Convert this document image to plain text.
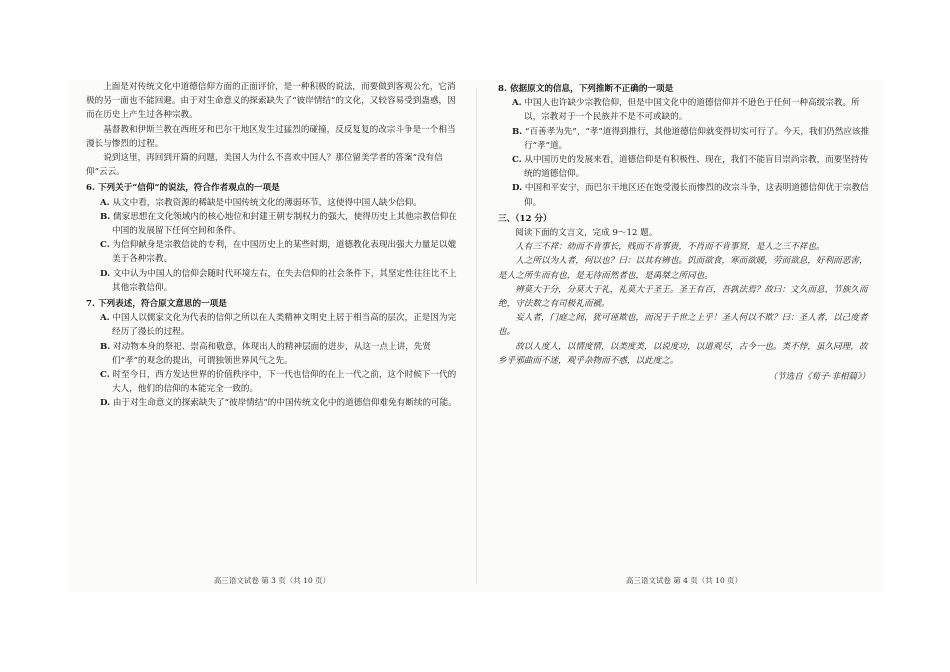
上面是对传统文化中道德信仰方面的正面评价，是一种积极的说法，而要做到客观公允，它消极的另一面也不能回避。由于对生命意义的探索缺失了“彼岸情结”的文化，又较容易受到蛊惑，因而在历史上产生过各种宗教。

基督教和伊斯兰教在西班牙和巴尔干地区发生过猛烈的碰撞，反反复复的改宗斗争是一个相当漫长与惨烈的过程。

说到这里，再回到开篇的问题，美国人为什么不喜欢中国人？那位留美学者的答案“没有信仰”云云。

6. 下列关于“信仰”的说法，符合作者观点的一项是

A. 从文中看，宗教资源的稀缺是中国传统文化的薄弱环节，这使得中国人缺少信仰。

B. 儒家思想在文化领域内的核心地位和封建王朝专制权力的强大，使得历史上其他宗教信仰在中国的发展留下任何空间和条件。

C. 为信仰献身是宗教信徒的专利，在中国历史上的某些时期，道德教化表现出强大力量足以媲美于各种宗教。

D. 文中认为中国人的信仰会随时代环境左右，在失去信仰的社会条件下，其坚定性往往比不上其他宗教信仰。

7. 下列表述，符合原文意思的一项是

A. 中国人以儒家文化为代表的信仰之所以在人类精神文明史上居于相当高的层次，正是因为完经历了漫长的过程。

B. 对动物本身的祭祀、崇高和敬意，体现出人的精神层面的进步，从这一点上讲，先贤们“孝”的观念的提出，可谓独领世界风气之先。

C. 时至今日，西方发达世界的价值秩序中，下一代也信仰的在上一代之前，这个时候下一代的大人，他们的信仰的本能完全一致的。

D. 由于对生命意义的探索缺失了“彼岸情结”的中国传统文化中的道德信仰难免有断续的可能。

高三语文试卷 第 3 页（共 10 页）

8. 依据原文的信息，下列推断不正确的一项是

A. 中国人也许缺少宗教信仰，但是中国文化中的道德信仰并不逊色于任何一种高级宗教。所以，宗教对于一个民族并不是不可或缺的。

B. “百善孝为先”，“孝”道得到推行，其他道德信仰就变得切实可行了。今天，我们仍然应该推行“孝”道。

C. 从中国历史的发展来看，道德信仰是有积极性、现在，我们不能盲目崇尚宗教，而要坚持传统的道德信仰。

D. 中国和平安宁，而巴尔干地区还在饱受漫长而惨烈的改宗斗争，这表明道德信仰优于宗教信仰。

三、（12 分）

阅读下面的文言文，完成 9～12 题。

人有三不祥：幼而不肯事长，贱而不肯事贵，不肖而不肯事贤，是人之三不祥也。

人之所以为人者，何以也？曰：以其有辨也。饥而欲食，寒而欲暖，劳而欲息，好利而恶害，是人之所生而有也，是无待而然者也，是禹桀之所同也。

辨莫大于分，分莫大于礼，礼莫大于圣王。圣王有百，吾孰法焉？故曰：文久而息，节族久而绝，守法数之有司极礼而褫。

妄人者，门庭之间，犹可诬欺也，而况于千世之上乎！圣人何以不欺？曰：圣人者，以己度者也。

故以人度人，以情度情，以类度类，以说度功，以道观尽，古今一也。类不悖，虽久同理，故乡乎邪曲而不迷，观乎杂物而不惑，以此度之。

（节选自《荀子·非相篇》）

高三语文试卷 第 4 页（共 10 页）
